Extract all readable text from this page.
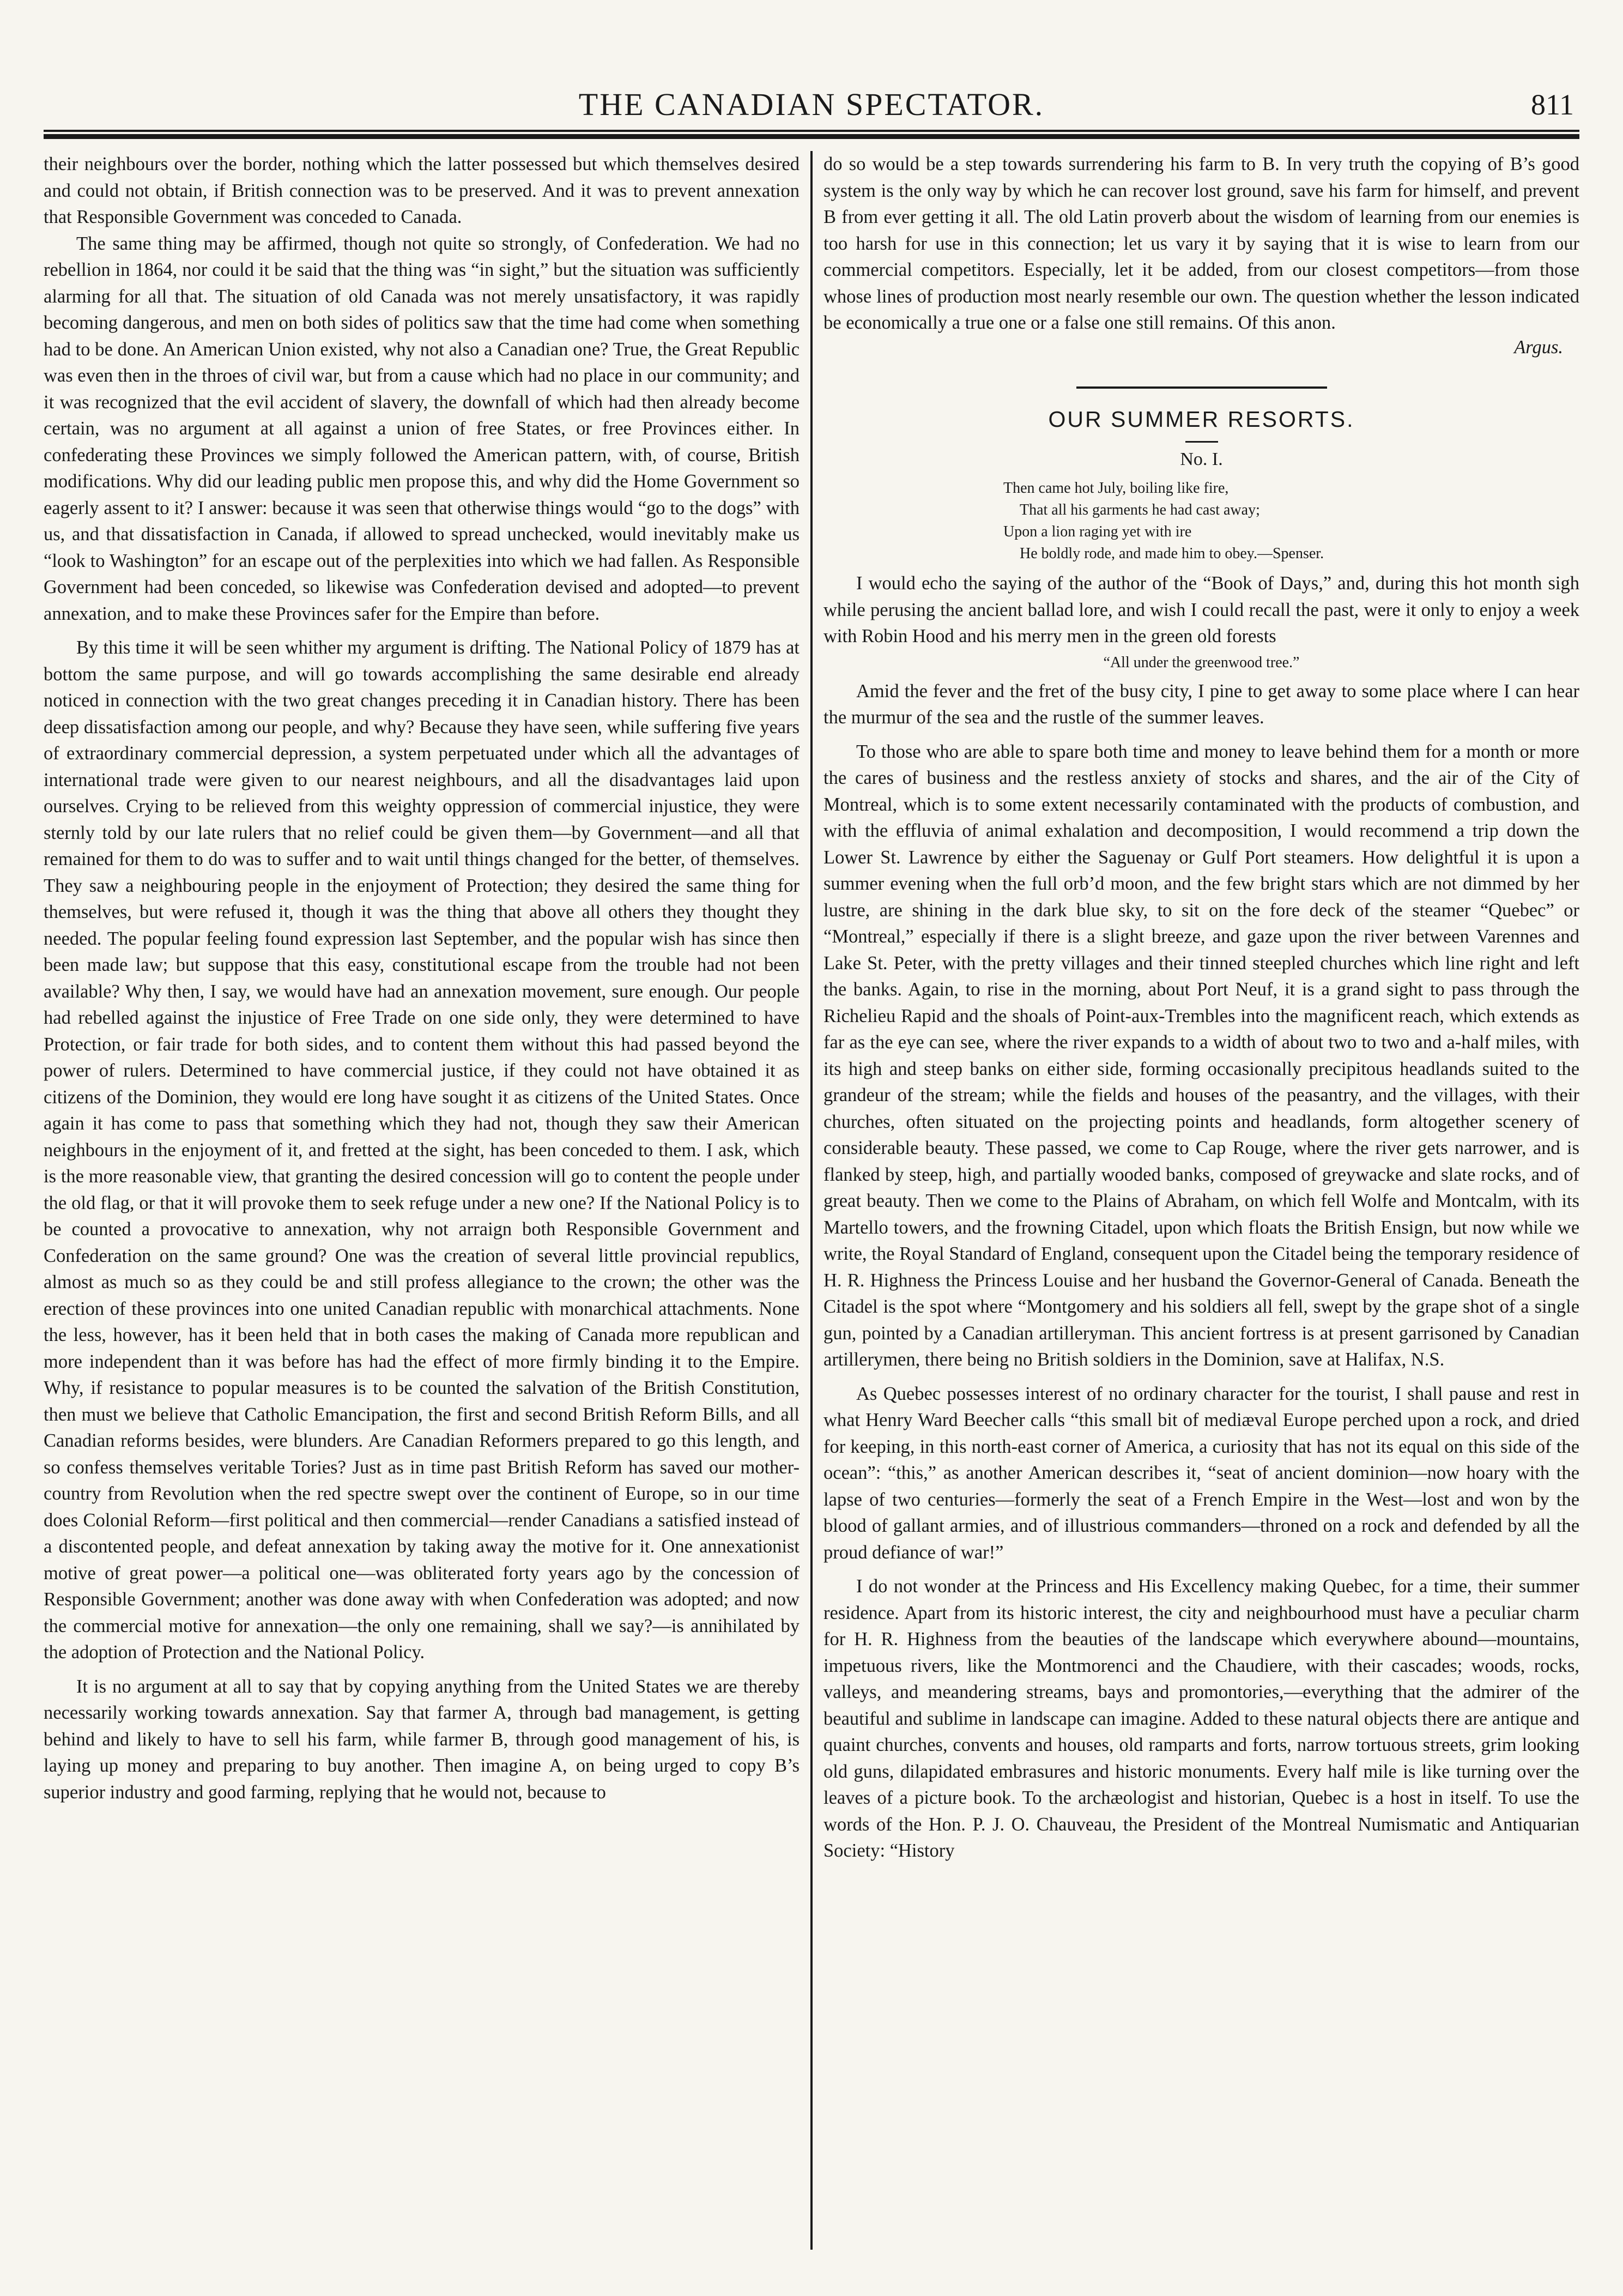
THE CANADIAN SPECTATOR.	811

their neighbours over the border, nothing which the latter possessed but which themselves desired and could not obtain, if British connection was to be preserved. And it was to prevent annexation that Responsible Government was conceded to Canada.

The same thing may be affirmed, though not quite so strongly, of Confederation. We had no rebellion in 1864, nor could it be said that the thing was “in sight,” but the situation was sufficiently alarming for all that. The situation of old Canada was not merely unsatisfactory, it was rapidly becoming dangerous, and men on both sides of politics saw that the time had come when something had to be done. An American Union existed, why not also a Canadian one? True, the Great Republic was even then in the throes of civil war, but from a cause which had no place in our community; and it was recognized that the evil accident of slavery, the downfall of which had then already become certain, was no argument at all against a union of free States, or free Provinces either. In confederating these Provinces we simply followed the American pattern, with, of course, British modifications. Why did our leading public men propose this, and why did the Home Government so eagerly assent to it? I answer: because it was seen that otherwise things would “go to the dogs” with us, and that dissatisfaction in Canada, if allowed to spread unchecked, would inevitably make us “look to Washington” for an escape out of the perplexities into which we had fallen. As Responsible Government had been conceded, so likewise was Confederation devised and adopted—to prevent annexation, and to make these Provinces safer for the Empire than before.

By this time it will be seen whither my argument is drifting. The National Policy of 1879 has at bottom the same purpose, and will go towards accomplishing the same desirable end already noticed in connection with the two great changes preceding it in Canadian history. There has been deep dissatisfaction among our people, and why? Because they have seen, while suffering five years of extraordinary commercial depression, a system perpetuated under which all the advantages of international trade were given to our nearest neighbours, and all the disadvantages laid upon ourselves. Crying to be relieved from this weighty oppression of commercial injustice, they were sternly told by our late rulers that no relief could be given them—by Government—and all that remained for them to do was to suffer and to wait until things changed for the better, of themselves. They saw a neighbouring people in the enjoyment of Protection; they desired the same thing for themselves, but were refused it, though it was the thing that above all others they thought they needed. The popular feeling found expression last September, and the popular wish has since then been made law; but suppose that this easy, constitutional escape from the trouble had not been available? Why then, I say, we would have had an annexation movement, sure enough. Our people had rebelled against the injustice of Free Trade on one side only, they were determined to have Protection, or fair trade for both sides, and to content them without this had passed beyond the power of rulers. Determined to have commercial justice, if they could not have obtained it as citizens of the Dominion, they would ere long have sought it as citizens of the United States. Once again it has come to pass that something which they had not, though they saw their American neighbours in the enjoyment of it, and fretted at the sight, has been conceded to them. I ask, which is the more reasonable view, that granting the desired concession will go to content the people under the old flag, or that it will provoke them to seek refuge under a new one? If the National Policy is to be counted a provocative to annexation, why not arraign both Responsible Government and Confederation on the same ground? One was the creation of several little provincial republics, almost as much so as they could be and still profess allegiance to the crown; the other was the erection of these provinces into one united Canadian republic with monarchical attachments. None the less, however, has it been held that in both cases the making of Canada more republican and more independent than it was before has had the effect of more firmly binding it to the Empire. Why, if resistance to popular measures is to be counted the salvation of the British Constitution, then must we believe that Catholic Emancipation, the first and second British Reform Bills, and all Canadian reforms besides, were blunders. Are Canadian Reformers prepared to go this length, and so confess themselves veritable Tories? Just as in time past British Reform has saved our mother-country from Revolution when the red spectre swept over the continent of Europe, so in our time does Colonial Reform—first political and then commercial—render Canadians a satisfied instead of a discontented people, and defeat annexation by taking away the motive for it. One annexationist motive of great power—a political one—was obliterated forty years ago by the concession of Responsible Government; another was done away with when Confederation was adopted; and now the commercial motive for annexation—the only one remaining, shall we say?—is annihilated by the adoption of Protection and the National Policy.

It is no argument at all to say that by copying anything from the United States we are thereby necessarily working towards annexation. Say that farmer A, through bad management, is getting behind and likely to have to sell his farm, while farmer B, through good management of his, is laying up money and preparing to buy another. Then imagine A, on being urged to copy B’s superior industry and good farming, replying that he would not, because to

do so would be a step towards surrendering his farm to B. In very truth the copying of B’s good system is the only way by which he can recover lost ground, save his farm for himself, and prevent B from ever getting it all. The old Latin proverb about the wisdom of learning from our enemies is too harsh for use in this connection; let us vary it by saying that it is wise to learn from our commercial competitors. Especially, let it be added, from our closest competitors—from those whose lines of production most nearly resemble our own. The question whether the lesson indicated be economically a true one or a false one still remains. Of this anon.

Argus.
OUR SUMMER RESORTS.
No. I.
Then came hot July, boiling like fire,
That all his garments he had cast away;
Upon a lion raging yet with ire
He boldly rode, and made him to obey.—Spenser.

I would echo the saying of the author of the “Book of Days,” and, during this hot month sigh while perusing the ancient ballad lore, and wish I could recall the past, were it only to enjoy a week with Robin Hood and his merry men in the green old forests

“All under the greenwood tree.”

Amid the fever and the fret of the busy city, I pine to get away to some place where I can hear the murmur of the sea and the rustle of the summer leaves.

To those who are able to spare both time and money to leave behind them for a month or more the cares of business and the restless anxiety of stocks and shares, and the air of the City of Montreal, which is to some extent necessarily contaminated with the products of combustion, and with the effluvia of animal exhalation and decomposition, I would recommend a trip down the Lower St. Lawrence by either the Saguenay or Gulf Port steamers. How delightful it is upon a summer evening when the full orb’d moon, and the few bright stars which are not dimmed by her lustre, are shining in the dark blue sky, to sit on the fore deck of the steamer “Quebec” or “Montreal,” especially if there is a slight breeze, and gaze upon the river between Varennes and Lake St. Peter, with the pretty villages and their tinned steepled churches which line right and left the banks. Again, to rise in the morning, about Port Neuf, it is a grand sight to pass through the Richelieu Rapid and the shoals of Point-aux-Trembles into the magnificent reach, which extends as far as the eye can see, where the river expands to a width of about two to two and a-half miles, with its high and steep banks on either side, forming occasionally precipitous headlands suited to the grandeur of the stream; while the fields and houses of the peasantry, and the villages, with their churches, often situated on the projecting points and headlands, form altogether scenery of considerable beauty. These passed, we come to Cap Rouge, where the river gets narrower, and is flanked by steep, high, and partially wooded banks, composed of greywacke and slate rocks, and of great beauty. Then we come to the Plains of Abraham, on which fell Wolfe and Montcalm, with its Martello towers, and the frowning Citadel, upon which floats the British Ensign, but now while we write, the Royal Standard of England, consequent upon the Citadel being the temporary residence of H. R. Highness the Princess Louise and her husband the Governor-General of Canada. Beneath the Citadel is the spot where “Montgomery and his soldiers all fell, swept by the grape shot of a single gun, pointed by a Canadian artilleryman. This ancient fortress is at present garrisoned by Canadian artillerymen, there being no British soldiers in the Dominion, save at Halifax, N.S.

As Quebec possesses interest of no ordinary character for the tourist, I shall pause and rest in what Henry Ward Beecher calls “this small bit of mediæval Europe perched upon a rock, and dried for keeping, in this north-east corner of America, a curiosity that has not its equal on this side of the ocean”: “this,” as another American describes it, “seat of ancient dominion—now hoary with the lapse of two centuries—formerly the seat of a French Empire in the West—lost and won by the blood of gallant armies, and of illustrious commanders—throned on a rock and defended by all the proud defiance of war!”

I do not wonder at the Princess and His Excellency making Quebec, for a time, their summer residence. Apart from its historic interest, the city and neighbourhood must have a peculiar charm for H. R. Highness from the beauties of the landscape which everywhere abound—mountains, impetuous rivers, like the Montmorenci and the Chaudiere, with their cascades; woods, rocks, valleys, and meandering streams, bays and promontories,—everything that the admirer of the beautiful and sublime in landscape can imagine. Added to these natural objects there are antique and quaint churches, convents and houses, old ramparts and forts, narrow tortuous streets, grim looking old guns, dilapidated embrasures and historic monuments. Every half mile is like turning over the leaves of a picture book. To the archæologist and historian, Quebec is a host in itself. To use the words of the Hon. P. J. O. Chauveau, the President of the Montreal Numismatic and Antiquarian Society: “History
